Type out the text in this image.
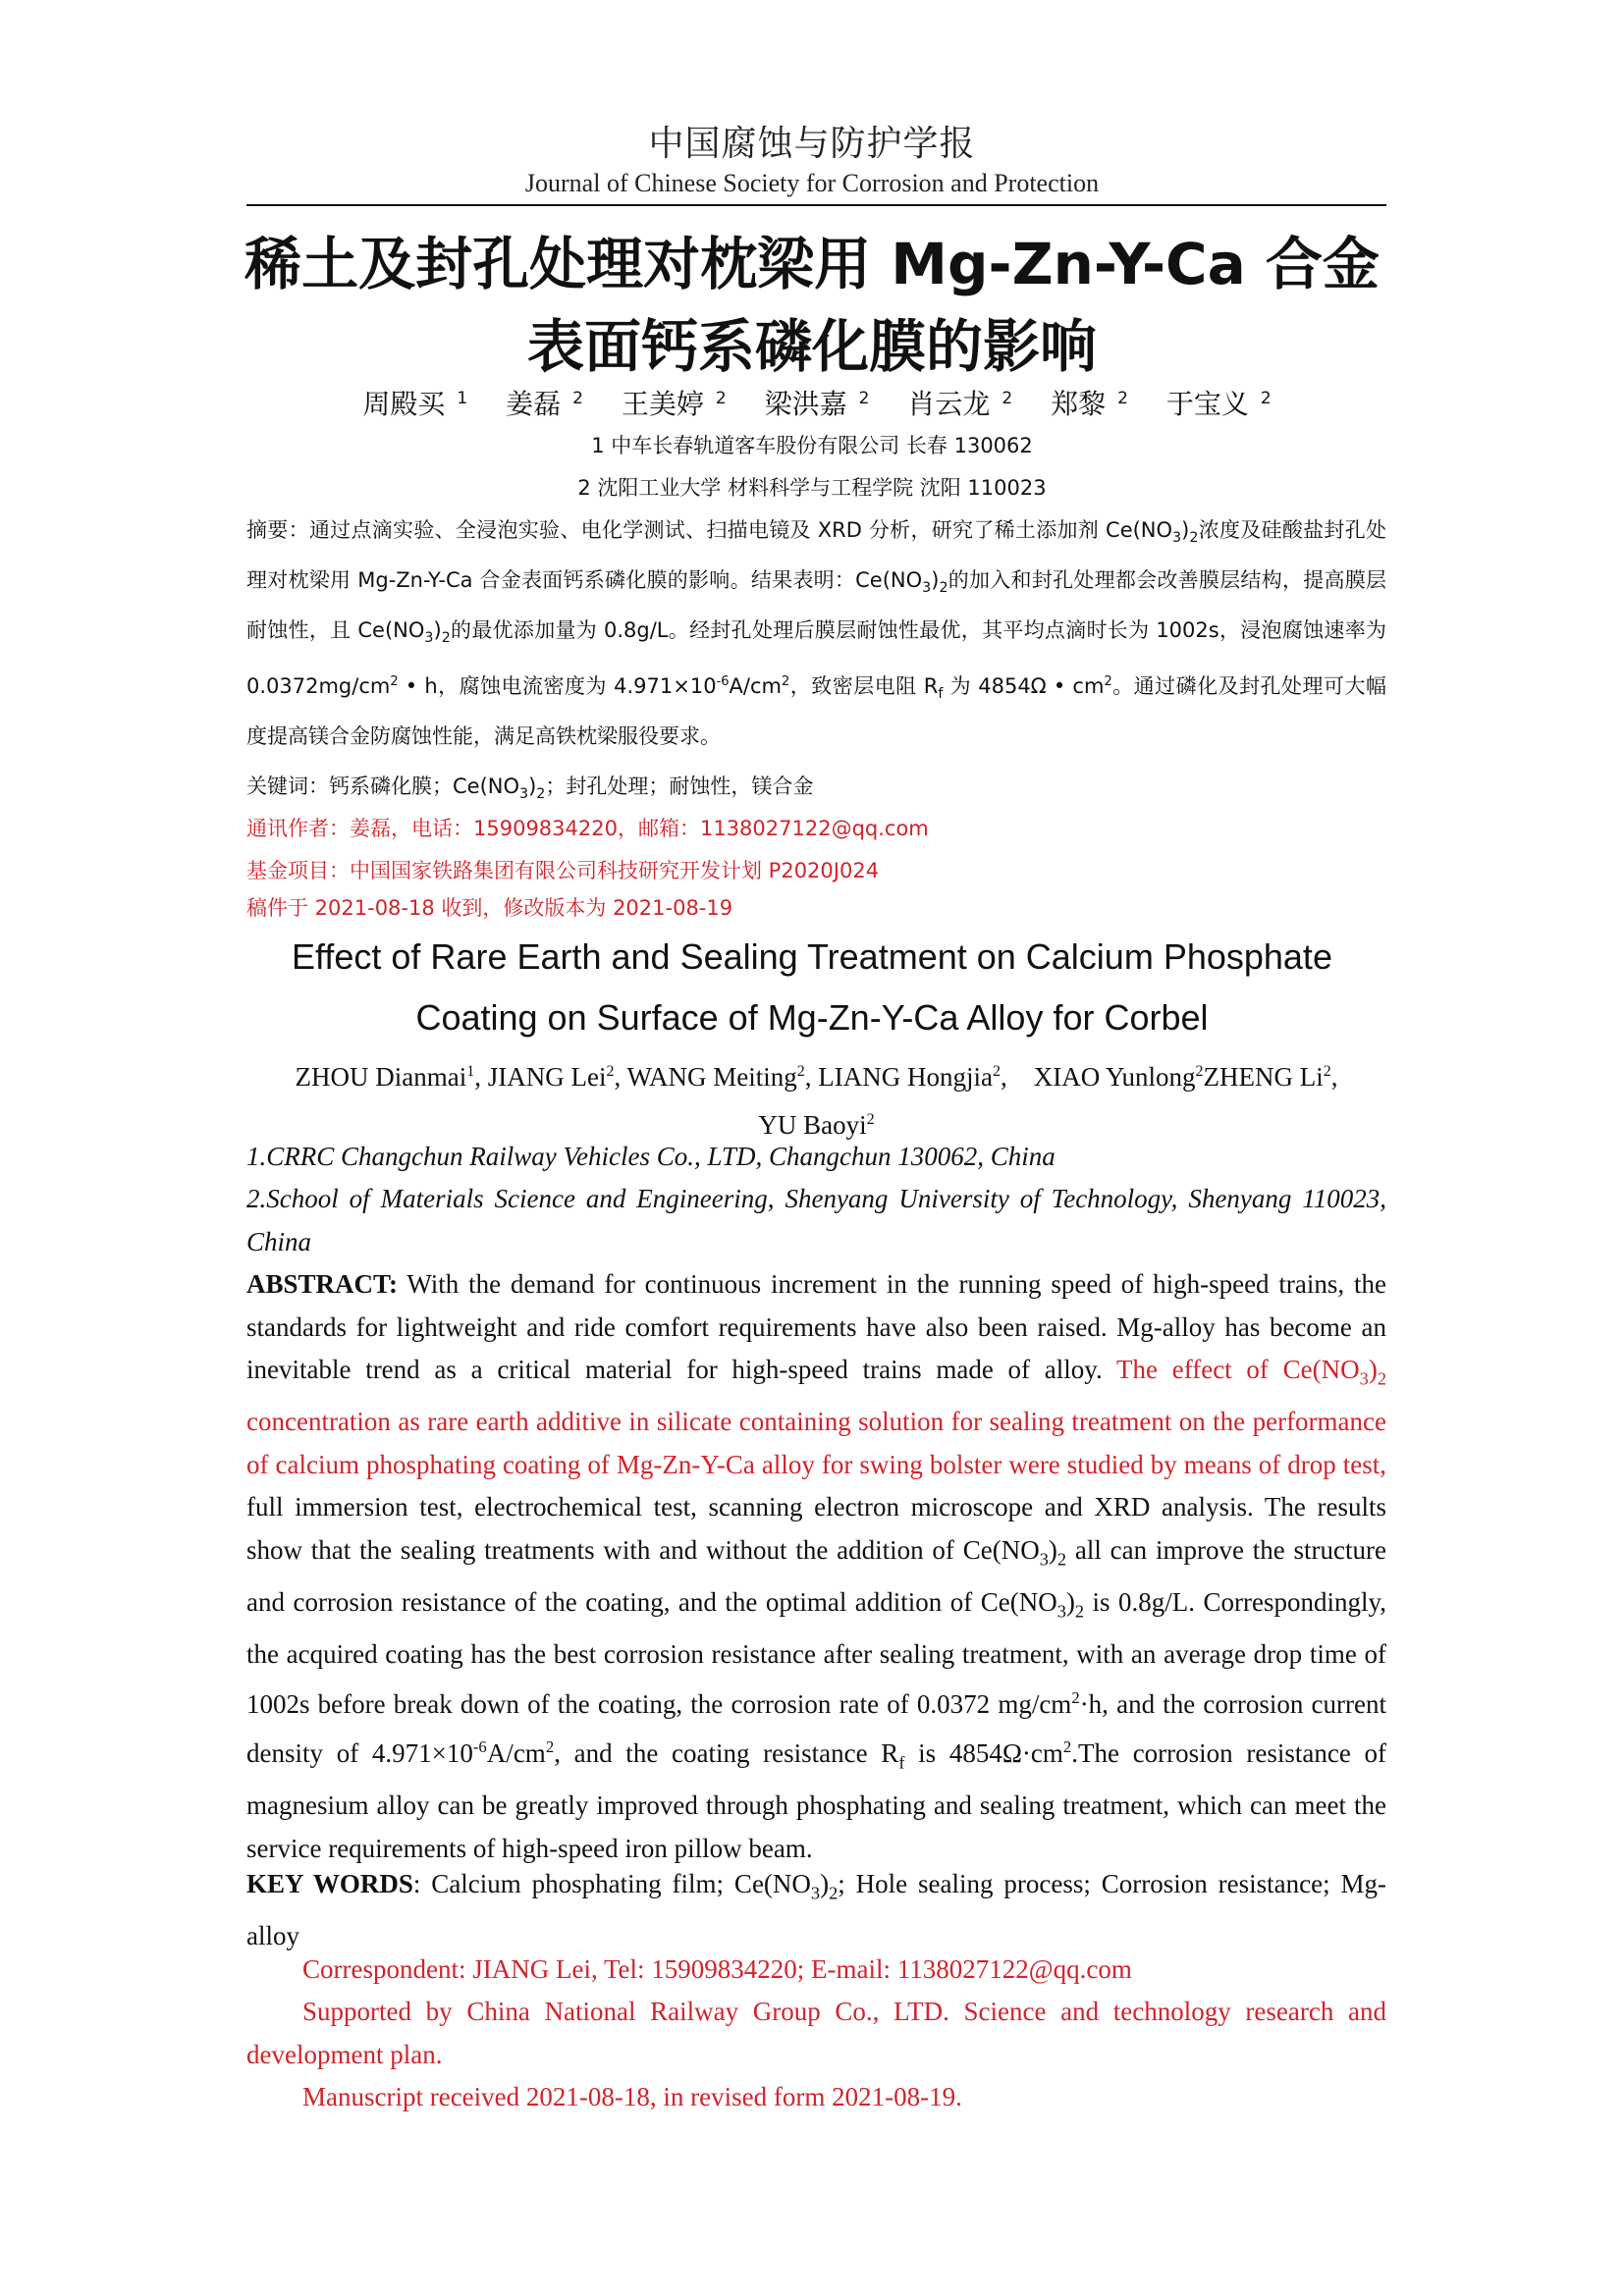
中国腐蚀与防护学报
Journal of Chinese Society for Corrosion and Protection
稀土及封孔处理对枕梁用 Mg-Zn-Y-Ca 合金
表面钙系磷化膜的影响
周殿买 $^1$ 姜磊 $^2$ 王美婷 $^2$ 梁洪嘉 $^2$ 肖云龙 $^2$ 郑黎 $^2$ 于宝义 $^2$
1 中车长春轨道客车股份有限公司 长春 130062
2 沈阳工业大学 材料科学与工程学院 沈阳 110023

摘要：通过点滴实验、全浸泡实验、电化学测试、扫描电镜及 XRD 分析，研究了稀土添加剂 $Ce(NO_3)_2$浓度及硅酸盐封孔处理对枕梁用 Mg-Zn-Y-Ca 合金表面钙系磷化膜的影响。结果表明：$Ce(NO_3)_2$的加入和封孔处理都会改善膜层结构，提高膜层耐蚀性，且 $Ce(NO_3)_2$的最优添加量为 0.8g/L。经封孔处理后膜层耐蚀性最优，其平均点滴时长为 1002s，浸泡腐蚀速率为 $0.0372mg/cm^2$ • h，腐蚀电流密度为 $4.971\times 10^{-6}A/cm^2$，致密层电阻 $R_f$ 为 4854Ω • $cm^2$。通过磷化及封孔处理可大幅度提高镁合金防腐蚀性能，满足高铁枕梁服役要求。

关键词：钙系磷化膜；$Ce(NO_3)_2$；封孔处理；耐蚀性，镁合金

通讯作者：姜磊，电话：15909834220，邮箱：1138027122@qq.com

基金项目：中国国家铁路集团有限公司科技研究开发计划 P2020J024

稿件于 2021-08-18 收到，修改版本为 2021-08-19

Effect of Rare Earth and Sealing Treatment on Calcium Phosphate
Coating on Surface of Mg-Zn-Y-Ca Alloy for Corbel
ZHOU Dianmai$^1$, JIANG Lei$^2$, WANG Meiting$^2$, LIANG Hongjia$^2$,    XIAO Yunlong$^2$ZHENG Li$^2$,
YU Baoyi$^2$

1.CRRC Changchun Railway Vehicles Co., LTD, Changchun 130062, China

2.School of Materials Science and Engineering, Shenyang University of Technology, Shenyang 110023, China

ABSTRACT: With the demand for continuous increment in the running speed of high-speed trains, the standards for lightweight and ride comfort requirements have also been raised. Mg-alloy has become an inevitable trend as a critical material for high-speed trains made of alloy. The effect of $Ce(NO_3)_2$ concentration as rare earth additive in silicate containing solution for sealing treatment on the performance of calcium phosphating coating of Mg-Zn-Y-Ca alloy for swing bolster were studied by means of drop test, full immersion test, electrochemical test, scanning electron microscope and XRD analysis. The results show that the sealing treatments with and without the addition of $Ce(NO_3)_2$ all can improve the structure and corrosion resistance of the coating, and the optimal addition of $Ce(NO_3)_2$ is 0.8g/L. Correspondingly, the acquired coating has the best corrosion resistance after sealing treatment, with an average drop time of 1002s before break down of the coating, the corrosion rate of 0.0372 $mg/cm^2\cdot h$, and the corrosion current density of $4.971\times 10^{-6}A/cm^2$, and the coating resistance $R_f$ is $4854\Omega\cdot cm^2.The$ corrosion resistance of magnesium alloy can be greatly improved through phosphating and sealing treatment, which can meet the service requirements of high-speed iron pillow beam.

KEY WORDS: Calcium phosphating film; $Ce(NO_3)_2$; Hole sealing process; Corrosion resistance; Mg-alloy

Correspondent: JIANG Lei, Tel: 15909834220; E-mail: 1138027122@qq.com

Supported by China National Railway Group Co., LTD. Science and technology research and development plan.

Manuscript received 2021-08-18, in revised form 2021-08-19.
